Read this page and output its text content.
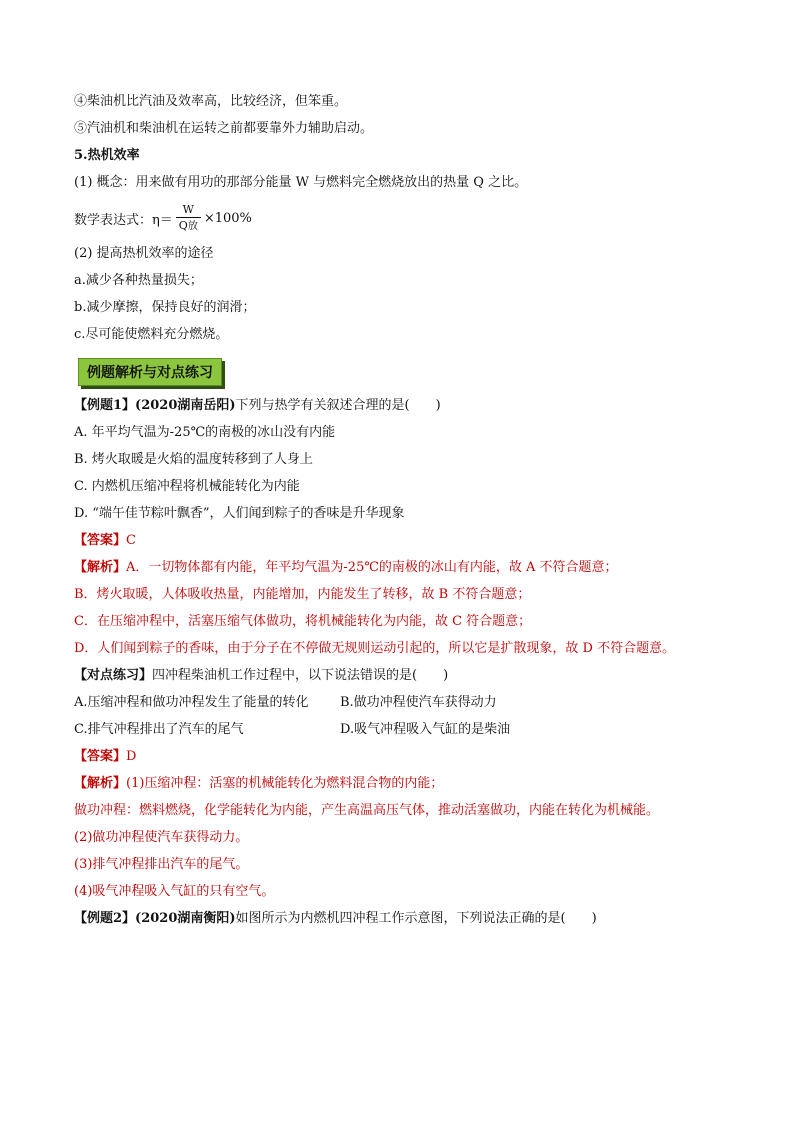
④柴油机比汽油及效率高，比较经济，但笨重。
⑤汽油机和柴油机在运转之前都要靠外力辅助启动。
5.热机效率
(1) 概念：用来做有用功的那部分能量 W 与燃料完全燃烧放出的热量 Q 之比。
数学表达式：$\eta= \frac{W}{\text{Q放}} \times 100\%$
(2) 提高热机效率的途径
a.减少各种热量损失；
b.减少摩擦，保持良好的润滑；
c.尽可能使燃料充分燃烧。
例题解析与对点练习
【例题1】(2020湖南岳阳)下列与热学有关叙述合理的是(　　)
A. 年平均气温为-25℃的南极的冰山没有内能
B. 烤火取暖是火焰的温度转移到了人身上
C. 内燃机压缩冲程将机械能转化为内能
D. “端午佳节粽叶飘香”，人们闻到粽子的香味是升华现象
【答案】C
【解析】A．一切物体都有内能，年平均气温为-25℃的南极的冰山有内能，故 A 不符合题意；
B．烤火取暖，人体吸收热量，内能增加，内能发生了转移，故 B 不符合题意；
C．在压缩冲程中，活塞压缩气体做功，将机械能转化为内能，故 C 符合题意；
D．人们闻到粽子的香味，由于分子在不停做无规则运动引起的，所以它是扩散现象，故 D 不符合题意。
【对点练习】四冲程柴油机工作过程中，以下说法错误的是(　　)
A.压缩冲程和做功冲程发生了能量的转化	B.做功冲程使汽车获得动力
C.排气冲程排出了汽车的尾气	D.吸气冲程吸入气缸的是柴油
【答案】D
【解析】(1)压缩冲程：活塞的机械能转化为燃料混合物的内能；
做功冲程：燃料燃烧，化学能转化为内能，产生高温高压气体，推动活塞做功，内能在转化为机械能。
(2)做功冲程使汽车获得动力。
(3)排气冲程排出汽车的尾气。
(4)吸气冲程吸入气缸的只有空气。
【例题2】(2020湖南衡阳)如图所示为内燃机四冲程工作示意图，下列说法正确的是(　　)
